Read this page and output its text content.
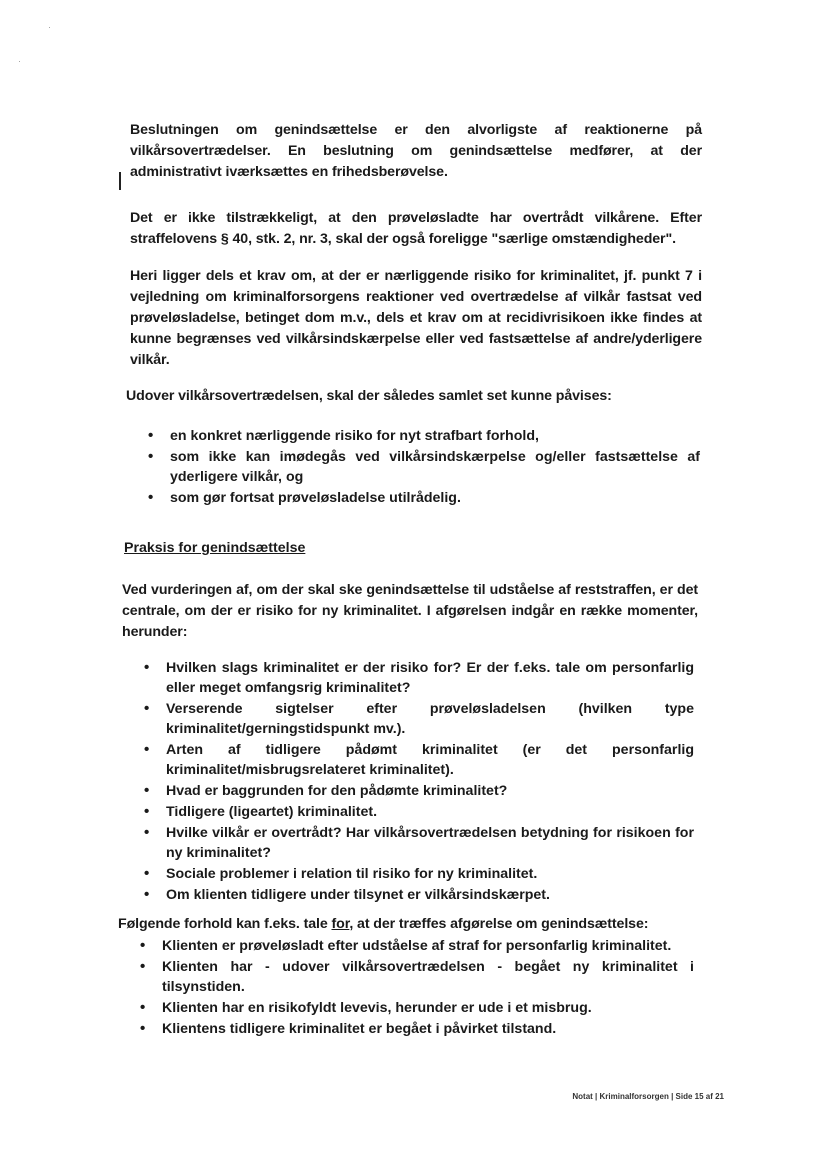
·
·

Beslutningen om genindsættelse er den alvorligste af reaktionerne på vilkårsovertrædelser. En beslutning om genindsættelse medfører, at der administrativt iværksættes en frihedsberøvelse.

Det er ikke tilstrækkeligt, at den prøveløsladte har overtrådt vilkårene. Efter straffelovens § 40, stk. 2, nr. 3, skal der også foreligge "særlige omstændigheder".

Heri ligger dels et krav om, at der er nærliggende risiko for kriminalitet, jf. punkt 7 i vejledning om kriminalforsorgens reaktioner ved overtrædelse af vilkår fastsat ved prøveløsladelse, betinget dom m.v., dels et krav om at recidivrisikoen ikke findes at kunne begrænses ved vilkårsindskærpelse eller ved fastsættelse af andre/yderligere vilkår.

Udover vilkårsovertrædelsen, skal der således samlet set kunne påvises:

• en konkret nærliggende risiko for nyt strafbart forhold,
• som ikke kan imødegås ved vilkårsindskærpelse og/eller fastsættelse af yderligere vilkår, og
• som gør fortsat prøveløsladelse utilrådelig.
Praksis for genindsættelse

Ved vurderingen af, om der skal ske genindsættelse til udståelse af reststraffen, er det centrale, om der er risiko for ny kriminalitet. I afgørelsen indgår en række momenter, herunder:

• Hvilken slags kriminalitet er der risiko for? Er der f.eks. tale om personfarlig eller meget omfangsrig kriminalitet?
• Verserende sigtelser efter prøveløsladelsen (hvilken type kriminalitet/gerningstidspunkt mv.).
• Arten af tidligere pådømt kriminalitet (er det personfarlig kriminalitet/misbrugsrelateret kriminalitet).
• Hvad er baggrunden for den pådømte kriminalitet?
• Tidligere (ligeartet) kriminalitet.
• Hvilke vilkår er overtrådt? Har vilkårsovertrædelsen betydning for risikoen for ny kriminalitet?
• Sociale problemer i relation til risiko for ny kriminalitet.
• Om klienten tidligere under tilsynet er vilkårsindskærpet.

Følgende forhold kan f.eks. tale for, at der træffes afgørelse om genindsættelse:

• Klienten er prøveløsladt efter udståelse af straf for personfarlig kriminalitet.
• Klienten har - udover vilkårsovertrædelsen - begået ny kriminalitet i tilsynstiden.
• Klienten har en risikofyldt levevis, herunder er ude i et misbrug.
• Klientens tidligere kriminalitet er begået i påvirket tilstand.
Notat | Kriminalforsorgen | Side 15 af 21
